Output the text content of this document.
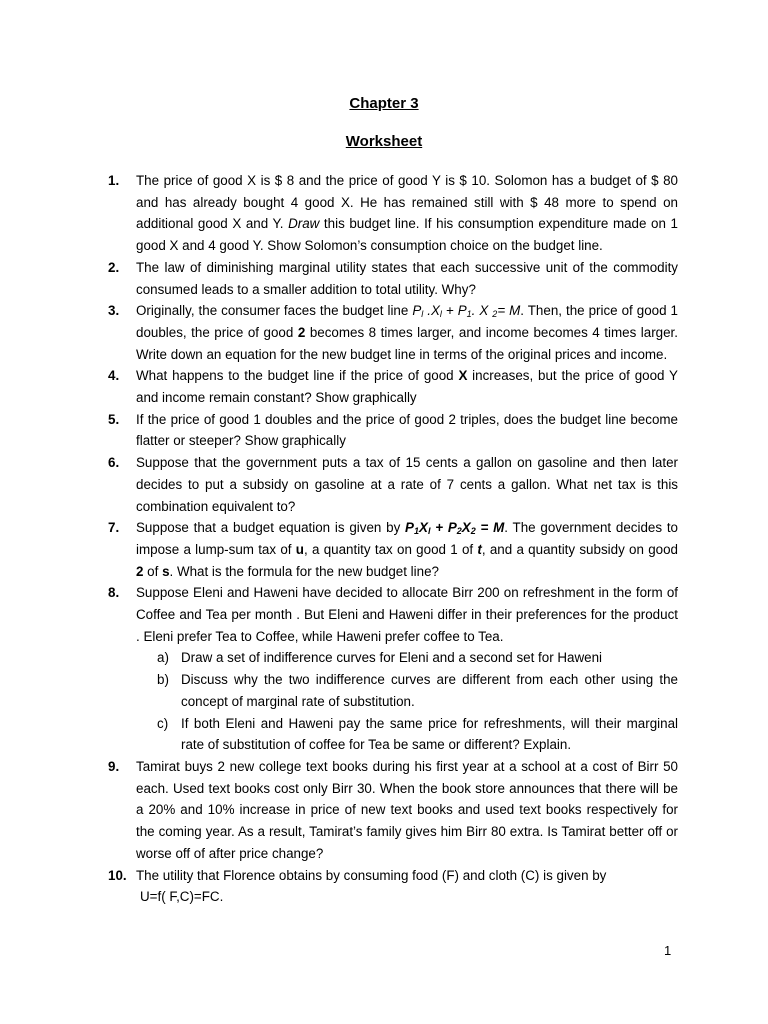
Chapter 3
Worksheet
1. The price of good X is $ 8 and the price of good Y is $ 10. Solomon has a budget of $ 80 and has already bought 4 good X. He has remained still with $ 48 more to spend on additional good X and Y. Draw this budget line. If his consumption expenditure made on 1 good X and 4 good Y. Show Solomon’s consumption choice on the budget line.
2. The law of diminishing marginal utility states that each successive unit of the commodity consumed leads to a smaller addition to total utility. Why?
3. Originally, the consumer faces the budget line $P_l$ $.X_l + P_1$. X $_2$= M. Then, the price of good 1 doubles, the price of good 2 becomes 8 times larger, and income becomes 4 times larger. Write down an equation for the new budget line in terms of the original prices and income.
4. What happens to the budget line if the price of good X increases, but the price of good Y and income remain constant? Show graphically
5. If the price of good 1 doubles and the price of good 2 triples, does the budget line become flatter or steeper? Show graphically
6. Suppose that the government puts a tax of 15 cents a gallon on gasoline and then later decides to put a subsidy on gasoline at a rate of 7 cents a gallon. What net tax is this combination equivalent to?
7. Suppose that a budget equation is given by $P_1X_l + P_2X_2 = M$. The government decides to impose a lump-sum tax of u, a quantity tax on good 1 of t, and a quantity subsidy on good 2 of s. What is the formula for the new budget line?
8. Suppose Eleni and Haweni have decided to allocate Birr 200 on refreshment in the form of Coffee and Tea per month . But Eleni and Haweni differ in their preferences for the product . Eleni prefer Tea to Coffee, while Haweni prefer coffee to Tea.
a) Draw a set of indifference curves for Eleni and a second set for Haweni
b) Discuss why the two indifference curves are different from each other using the concept of marginal rate of substitution.
c) If both Eleni and Haweni pay the same price for refreshments, will their marginal rate of substitution of coffee for Tea be same or different? Explain.
9. Tamirat buys 2 new college text books during his first year at a school at a cost of Birr 50 each. Used text books cost only Birr 30. When the book store announces that there will be a 20% and 10% increase in price of new text books and used text books respectively for the coming year. As a result, Tamirat’s family gives him Birr 80 extra. Is Tamirat better off or worse off of after price change?
10. The utility that Florence obtains by consuming food (F) and cloth (C) is given by
U=f( F,C)=FC.
1
